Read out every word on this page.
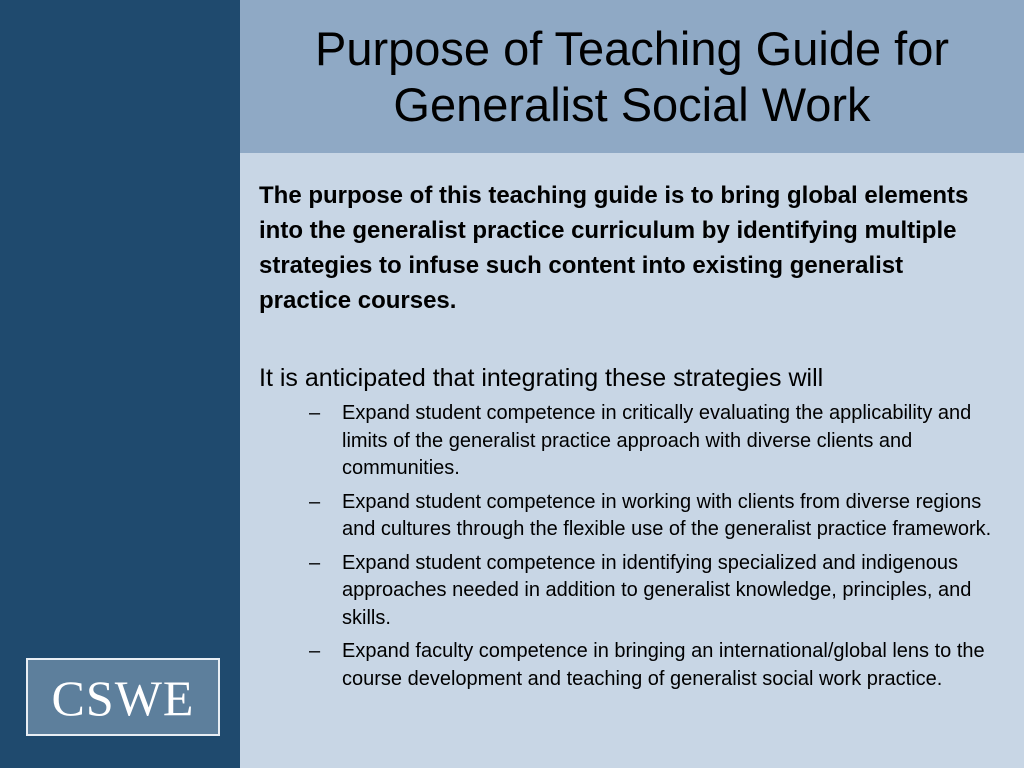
CSWE
Purpose of Teaching Guide for Generalist Social Work

The purpose of this teaching guide is to bring global elements into the generalist practice curriculum by identifying multiple strategies to infuse such content into existing generalist practice courses.

It is anticipated that integrating these strategies will

– Expand student competence in critically evaluating the applicability and limits of the generalist practice approach with diverse clients and communities.
– Expand student competence in working with clients from diverse regions and cultures through the flexible use of the generalist practice framework.
– Expand student competence in identifying specialized and indigenous approaches needed in addition to generalist knowledge, principles, and skills.
– Expand faculty competence in bringing an international/global lens to the course development and teaching of generalist social work practice.
